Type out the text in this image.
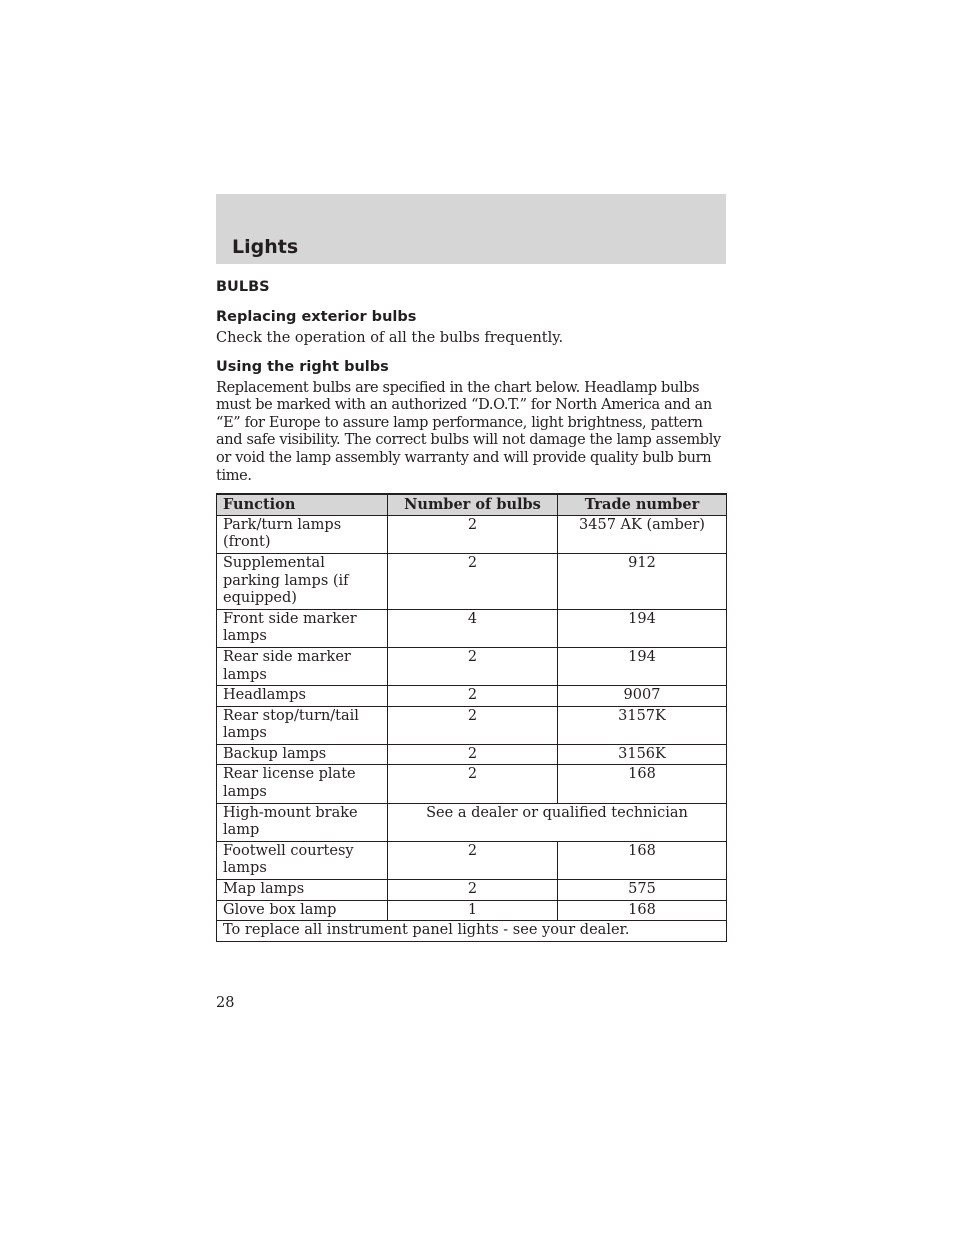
Lights
BULBS
Replacing exterior bulbs
Check the operation of all the bulbs frequently.
Using the right bulbs
Replacement bulbs are specified in the chart below. Headlamp bulbs must be marked with an authorized “D.O.T.” for North America and an “E” for Europe to assure lamp performance, light brightness, pattern and safe visibility. The correct bulbs will not damage the lamp assembly or void the lamp assembly warranty and will provide quality bulb burn time.
Function	Number of bulbs	Trade number
Park/turn lamps (front)	2	3457 AK (amber)
Supplemental parking lamps (if equipped)	2	912
Front side marker lamps	4	194
Rear side marker lamps	2	194
Headlamps	2	9007
Rear stop/turn/tail lamps	2	3157K
Backup lamps	2	3156K
Rear license plate lamps	2	168
High-mount brake lamp	See a dealer or qualified technician	
Footwell courtesy lamps	2	168
Map lamps	2	575
Glove box lamp	1	168
To replace all instrument panel lights - see your dealer.		
28
